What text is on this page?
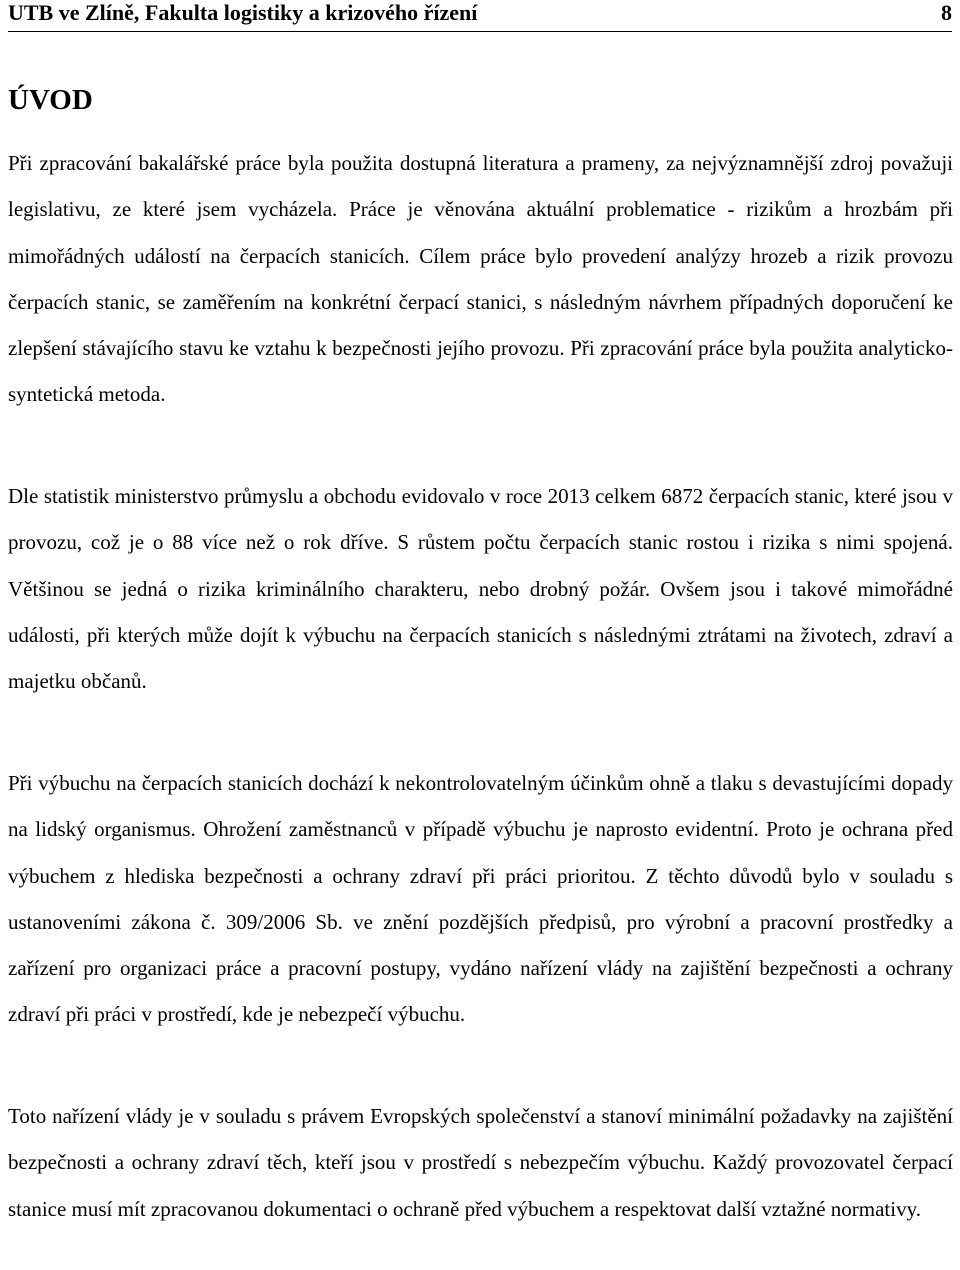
UTB ve Zlíně, Fakulta logistiky a krizového řízení	8
ÚVOD

Při zpracování bakalářské práce byla použita dostupná literatura a prameny, za nejvýznamnější zdroj považuji legislativu, ze které jsem vycházela. Práce je věnována aktuální problematice - rizikům a hrozbám při mimořádných událostí na čerpacích stanicích. Cílem práce bylo provedení analýzy hrozeb a rizik provozu čerpacích stanic, se zaměřením na konkrétní čerpací stanici, s následným návrhem případných doporučení ke zlepšení stávajícího stavu ke vztahu k bezpečnosti jejího provozu. Při zpracování práce byla použita analyticko-syntetická metoda.

Dle statistik ministerstvo průmyslu a obchodu evidovalo v roce 2013 celkem 6872 čerpacích stanic, které jsou v provozu, což je o 88 více než o rok dříve. S růstem počtu čerpacích stanic rostou i rizika s nimi spojená. Většinou se jedná o rizika kriminálního charakteru, nebo drobný požár. Ovšem jsou i takové mimořádné události, při kterých může dojít k výbuchu na čerpacích stanicích s následnými ztrátami na životech, zdraví a majetku občanů.

Při výbuchu na čerpacích stanicích dochází k nekontrolovatelným účinkům ohně a tlaku s devastujícími dopady na lidský organismus. Ohrožení zaměstnanců v případě výbuchu je naprosto evidentní. Proto je ochrana před výbuchem z hlediska bezpečnosti a ochrany zdraví při práci prioritou. Z těchto důvodů bylo v souladu s ustanoveními zákona č. 309/2006 Sb. ve znění pozdějších předpisů, pro výrobní a pracovní prostředky a zařízení pro organizaci práce a pracovní postupy, vydáno nařízení vlády na zajištění bezpečnosti a ochrany zdraví při práci v prostředí, kde je nebezpečí výbuchu.

Toto nařízení vlády je v souladu s právem Evropských společenství a stanoví minimální požadavky na zajištění bezpečnosti a ochrany zdraví těch, kteří jsou v prostředí s nebezpečím výbuchu. Každý provozovatel čerpací stanice musí mít zpracovanou dokumentaci o ochraně před výbuchem a respektovat další vztažné normativy.
